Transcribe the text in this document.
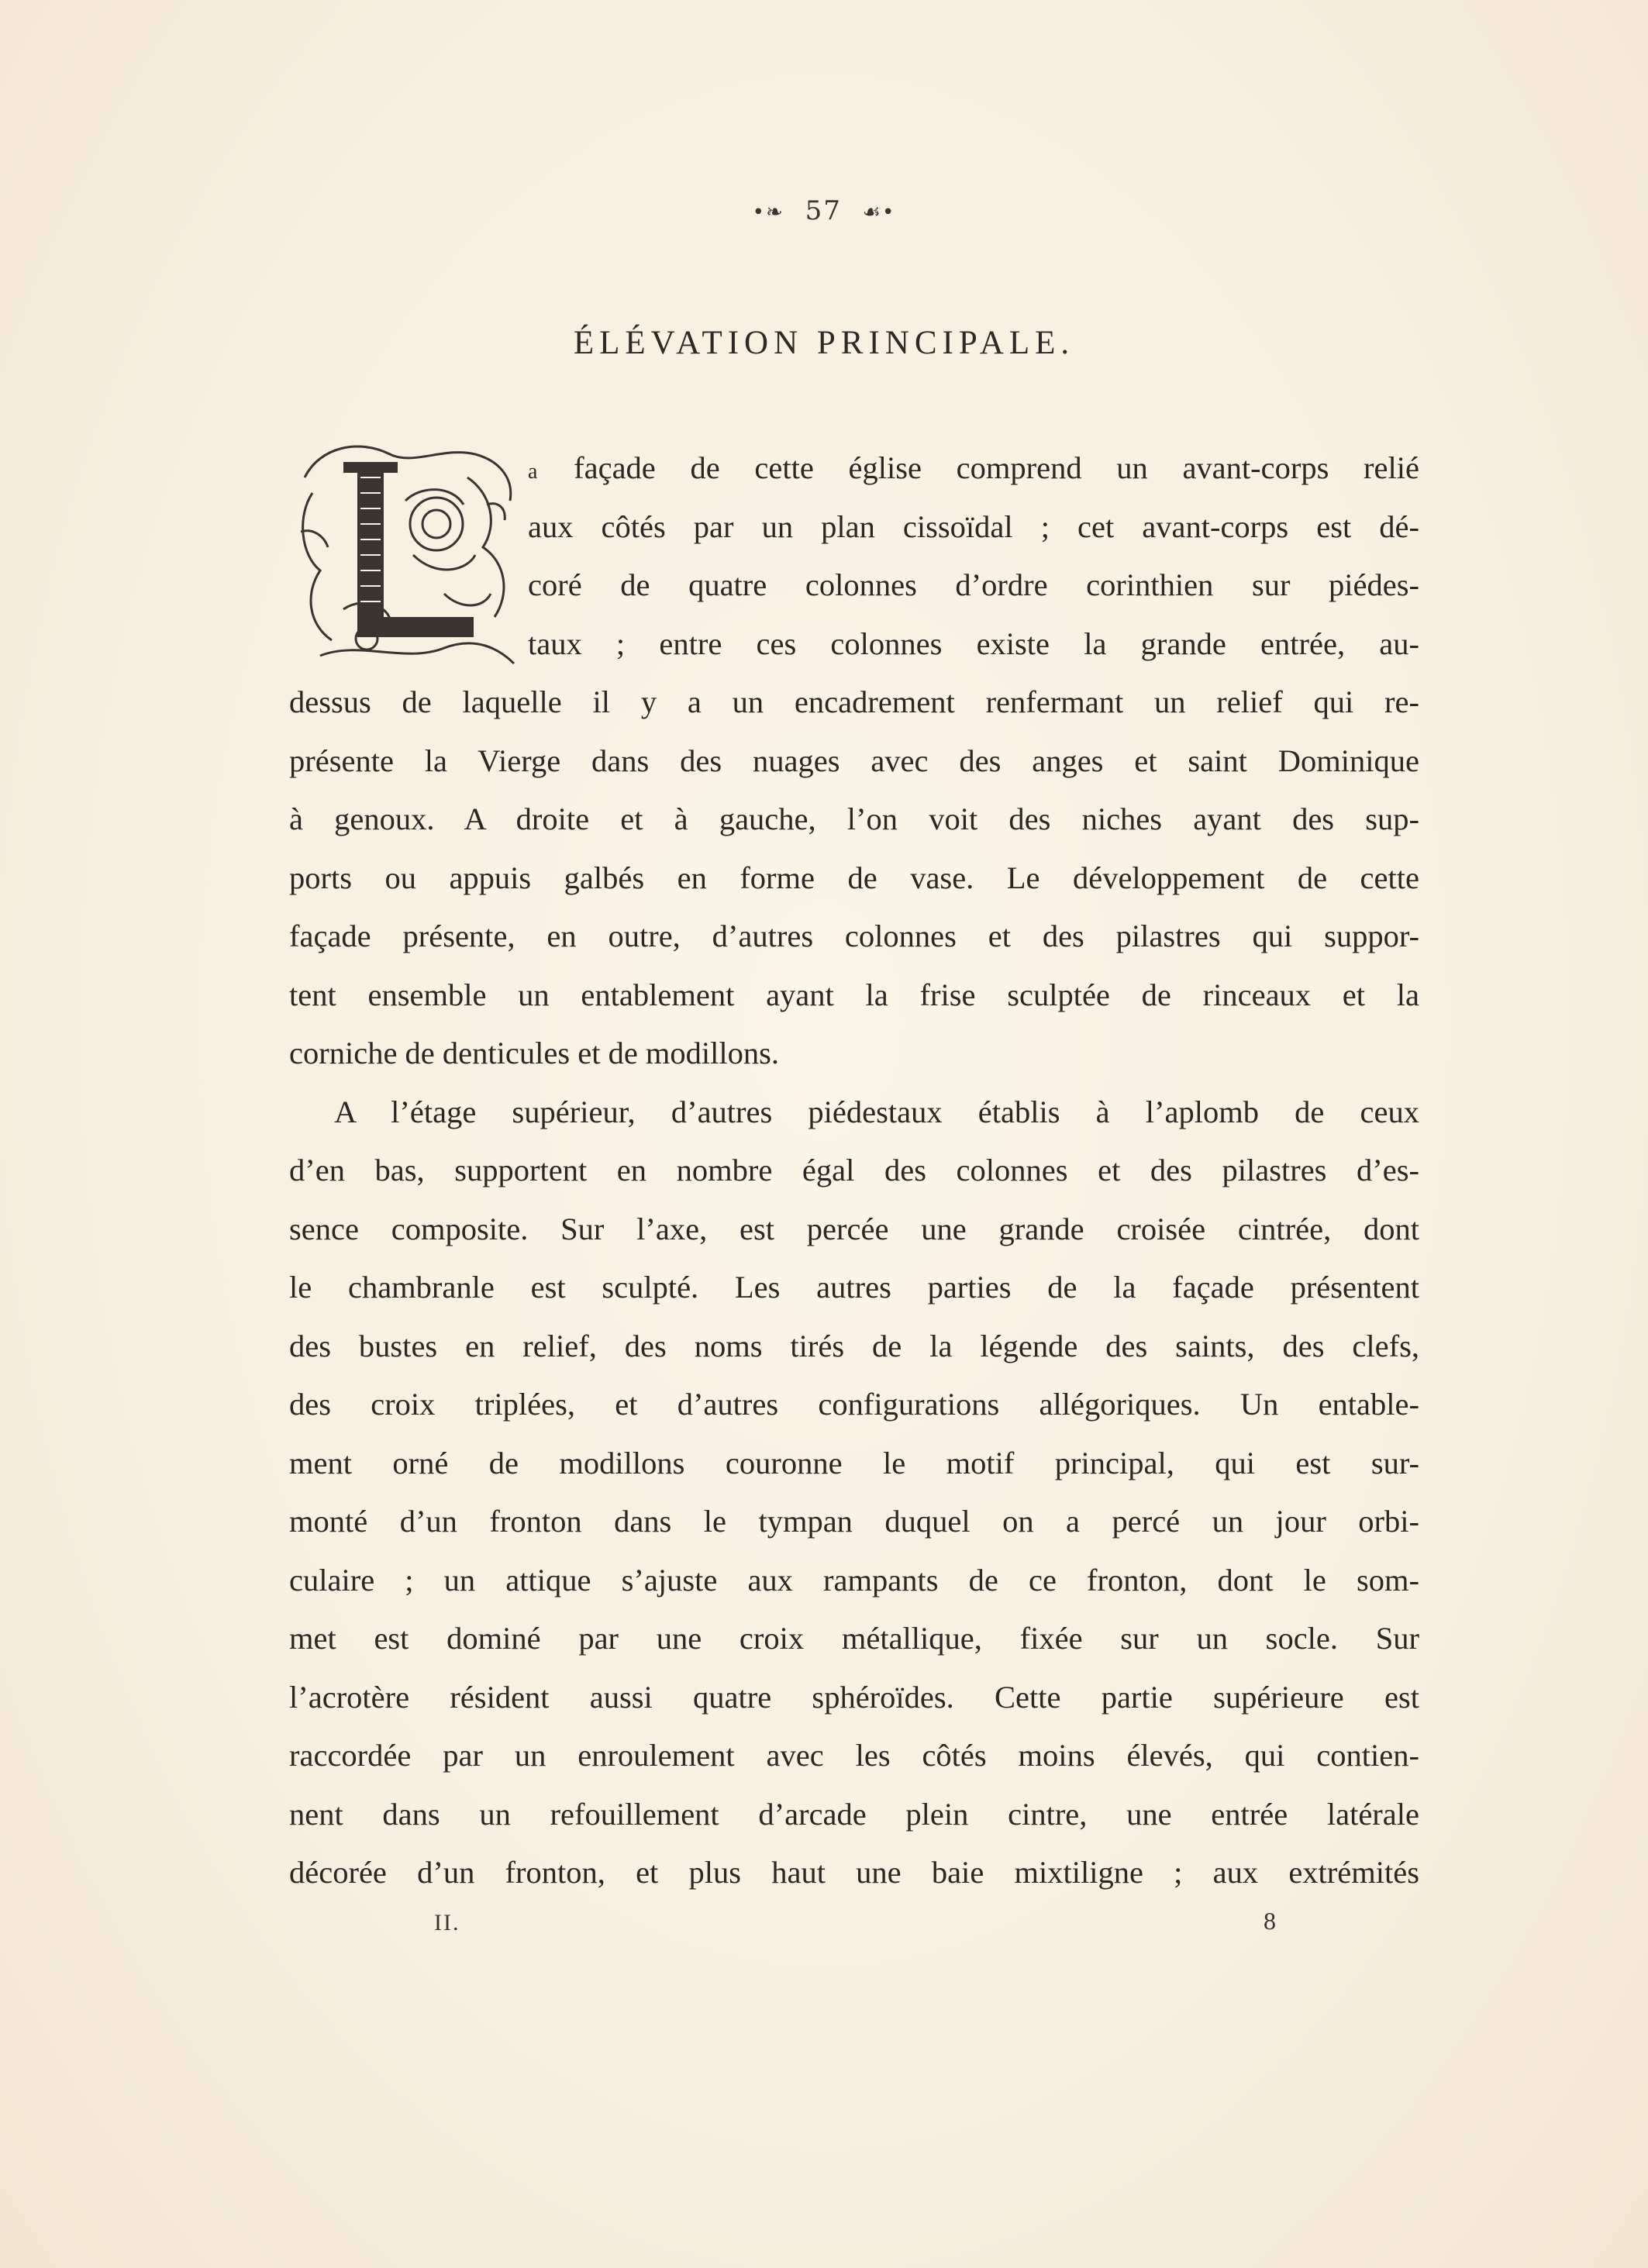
•❧ 57 ☙•
ÉLÉVATION PRINCIPALE.
L
a façade de cette église comprend un avant-corps relié
aux côtés par un plan cissoïdal ; cet avant-corps est dé-
coré de quatre colonnes d’ordre corinthien sur piédes-
taux ; entre ces colonnes existe la grande entrée, au-
dessus de laquelle il y a un encadrement renfermant un relief qui re-
présente la Vierge dans des nuages avec des anges et saint Dominique
à genoux. A droite et à gauche, l’on voit des niches ayant des sup-
ports ou appuis galbés en forme de vase. Le développement de cette
façade présente, en outre, d’autres colonnes et des pilastres qui suppor-
tent ensemble un entablement ayant la frise sculptée de rinceaux et la
corniche de denticules et de modillons.
A l’étage supérieur, d’autres piédestaux établis à l’aplomb de ceux
d’en bas, supportent en nombre égal des colonnes et des pilastres d’es-
sence composite. Sur l’axe, est percée une grande croisée cintrée, dont
le chambranle est sculpté. Les autres parties de la façade présentent
des bustes en relief, des noms tirés de la légende des saints, des clefs,
des croix triplées, et d’autres configurations allégoriques. Un entable-
ment orné de modillons couronne le motif principal, qui est sur-
monté d’un fronton dans le tympan duquel on a percé un jour orbi-
culaire ; un attique s’ajuste aux rampants de ce fronton, dont le som-
met est dominé par une croix métallique, fixée sur un socle. Sur
l’acrotère résident aussi quatre sphéroïdes. Cette partie supérieure est
raccordée par un enroulement avec les côtés moins élevés, qui contien-
nent dans un refouillement d’arcade plein cintre, une entrée latérale
décorée d’un fronton, et plus haut une baie mixtiligne ; aux extrémités
II.	8
